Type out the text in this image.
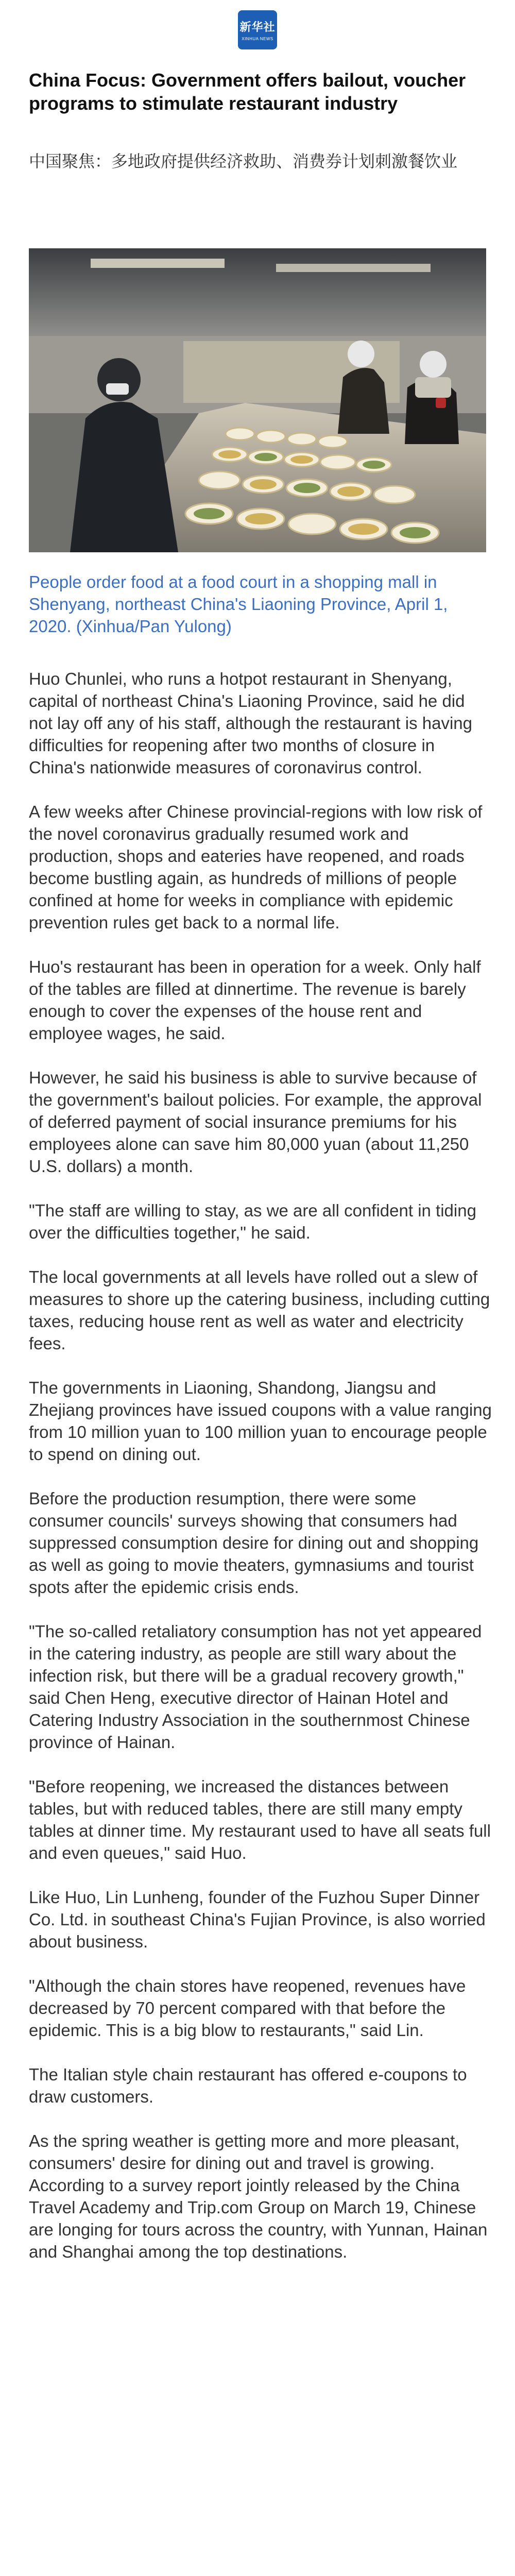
新华社
XINHUA NEWS
China Focus: Government offers bailout, voucher programs to stimulate restaurant industry

中国聚焦：多地政府提供经济救助、消费券计划刺激餐饮业

People order food at a food court in a shopping mall in Shenyang, northeast China's Liaoning Province, April 1, 2020. (Xinhua/Pan Yulong)

Huo Chunlei, who runs a hotpot restaurant in Shenyang, capital of northeast China's Liaoning Province, said he did not lay off any of his staff, although the restaurant is having difficulties for reopening after two months of closure in China's nationwide measures of coronavirus control.

A few weeks after Chinese provincial-regions with low risk of the novel coronavirus gradually resumed work and production, shops and eateries have reopened, and roads become bustling again, as hundreds of millions of people confined at home for weeks in compliance with epidemic prevention rules get back to a normal life.

Huo's restaurant has been in operation for a week. Only half of the tables are filled at dinnertime. The revenue is barely enough to cover the expenses of the house rent and employee wages, he said.

However, he said his business is able to survive because of the government's bailout policies. For example, the approval of deferred payment of social insurance premiums for his employees alone can save him 80,000 yuan (about 11,250 U.S. dollars) a month.

"The staff are willing to stay, as we are all confident in tiding over the difficulties together," he said.

The local governments at all levels have rolled out a slew of measures to shore up the catering business, including cutting taxes, reducing house rent as well as water and electricity fees.

The governments in Liaoning, Shandong, Jiangsu and Zhejiang provinces have issued coupons with a value ranging from 10 million yuan to 100 million yuan to encourage people to spend on dining out.

Before the production resumption, there were some consumer councils' surveys showing that consumers had suppressed consumption desire for dining out and shopping as well as going to movie theaters, gymnasiums and tourist spots after the epidemic crisis ends.

"The so-called retaliatory consumption has not yet appeared in the catering industry, as people are still wary about the infection risk, but there will be a gradual recovery growth," said Chen Heng, executive director of Hainan Hotel and Catering Industry Association in the southernmost Chinese province of Hainan.

"Before reopening, we increased the distances between tables, but with reduced tables, there are still many empty tables at dinner time. My restaurant used to have all seats full and even queues," said Huo.

Like Huo, Lin Lunheng, founder of the Fuzhou Super Dinner Co. Ltd. in southeast China's Fujian Province, is also worried about business.

"Although the chain stores have reopened, revenues have decreased by 70 percent compared with that before the epidemic. This is a big blow to restaurants," said Lin.

The Italian style chain restaurant has offered e-coupons to draw customers.

As the spring weather is getting more and more pleasant, consumers' desire for dining out and travel is growing. According to a survey report jointly released by the China Travel Academy and Trip.com Group on March 19, Chinese are longing for tours across the country, with Yunnan, Hainan and Shanghai among the top destinations.
